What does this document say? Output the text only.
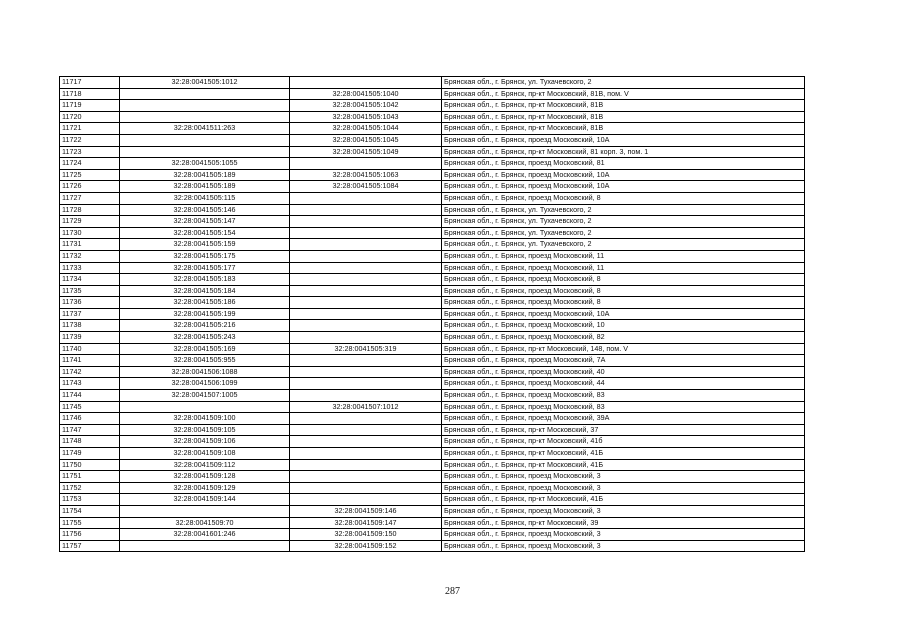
11717	32:28:0041505:1012		Брянская обл., г. Брянск, ул. Тухачевского, 2
11718		32:28:0041505:1040	Брянская обл., г. Брянск, пр-кт Московский, 81В, пом. V
11719		32:28:0041505:1042	Брянская обл., г. Брянск, пр-кт Московский, 81В
11720		32:28:0041505:1043	Брянская обл., г. Брянск, пр-кт Московский, 81В
11721	32:28:0041511:263	32:28:0041505:1044	Брянская обл., г. Брянск, пр-кт Московский, 81В
11722		32:28:0041505:1045	Брянская обл., г. Брянск, проезд Московский, 10А
11723		32:28:0041505:1049	Брянская обл., г. Брянск, пр-кт Московский, 81 корп. 3, пом. 1
11724	32:28:0041505:1055		Брянская обл., г. Брянск, проезд Московский, 81
11725	32:28:0041505:189	32:28:0041505:1063	Брянская обл., г. Брянск, проезд Московский, 10А
11726	32:28:0041505:189	32:28:0041505:1084	Брянская обл., г. Брянск, проезд Московский, 10А
11727	32:28:0041505:115		Брянская обл., г. Брянск, проезд Московский, 8
11728	32:28:0041505:146		Брянская обл., г. Брянск, ул. Тухачевского, 2
11729	32:28:0041505:147		Брянская обл., г. Брянск, ул. Тухачевского, 2
11730	32:28:0041505:154		Брянская обл., г. Брянск, ул. Тухачевского, 2
11731	32:28:0041505:159		Брянская обл., г. Брянск, ул. Тухачевского, 2
11732	32:28:0041505:175		Брянская обл., г. Брянск, проезд Московский, 11
11733	32:28:0041505:177		Брянская обл., г. Брянск, проезд Московский, 11
11734	32:28:0041505:183		Брянская обл., г. Брянск, проезд Московский, 8
11735	32:28:0041505:184		Брянская обл., г. Брянск, проезд Московский, 8
11736	32:28:0041505:186		Брянская обл., г. Брянск, проезд Московский, 8
11737	32:28:0041505:199		Брянская обл., г. Брянск, проезд Московский, 10А
11738	32:28:0041505:216		Брянская обл., г. Брянск, проезд Московский, 10
11739	32:28:0041505:243		Брянская обл., г. Брянск, проезд Московский, 82
11740	32:28:0041505:169	32:28:0041505:319	Брянская обл., г. Брянск, пр-кт Московский, 148, пом. V
11741	32:28:0041505:955		Брянская обл., г. Брянск, проезд Московский, 7А
11742	32:28:0041506:1088		Брянская обл., г. Брянск, проезд Московский, 40
11743	32:28:0041506:1099		Брянская обл., г. Брянск, проезд Московский, 44
11744	32:28:0041507:1005		Брянская обл., г. Брянск, проезд Московский, 83
11745		32:28:0041507:1012	Брянская обл., г. Брянск, проезд Московский, 83
11746	32:28:0041509:100		Брянская обл., г. Брянск, проезд Московский, 39А
11747	32:28:0041509:105		Брянская обл., г. Брянск, пр-кт Московский, 37
11748	32:28:0041509:106		Брянская обл., г. Брянск, пр-кт Московский, 41б
11749	32:28:0041509:108		Брянская обл., г. Брянск, пр-кт Московский, 41Б
11750	32:28:0041509:112		Брянская обл., г. Брянск, пр-кт Московский, 41Б
11751	32:28:0041509:128		Брянская обл., г. Брянск, проезд Московский, 3
11752	32:28:0041509:129		Брянская обл., г. Брянск, проезд Московский, 3
11753	32:28:0041509:144		Брянская обл., г. Брянск, пр-кт Московский, 41Б
11754		32:28:0041509:146	Брянская обл., г. Брянск, проезд Московский, 3
11755	32:28:0041509:70	32:28:0041509:147	Брянская обл., г. Брянск, пр-кт Московский, 39
11756	32:28:0041601:246	32:28:0041509:150	Брянская обл., г. Брянск, проезд Московский, 3
11757		32:28:0041509:152	Брянская обл., г. Брянск, проезд Московский, 3
287
